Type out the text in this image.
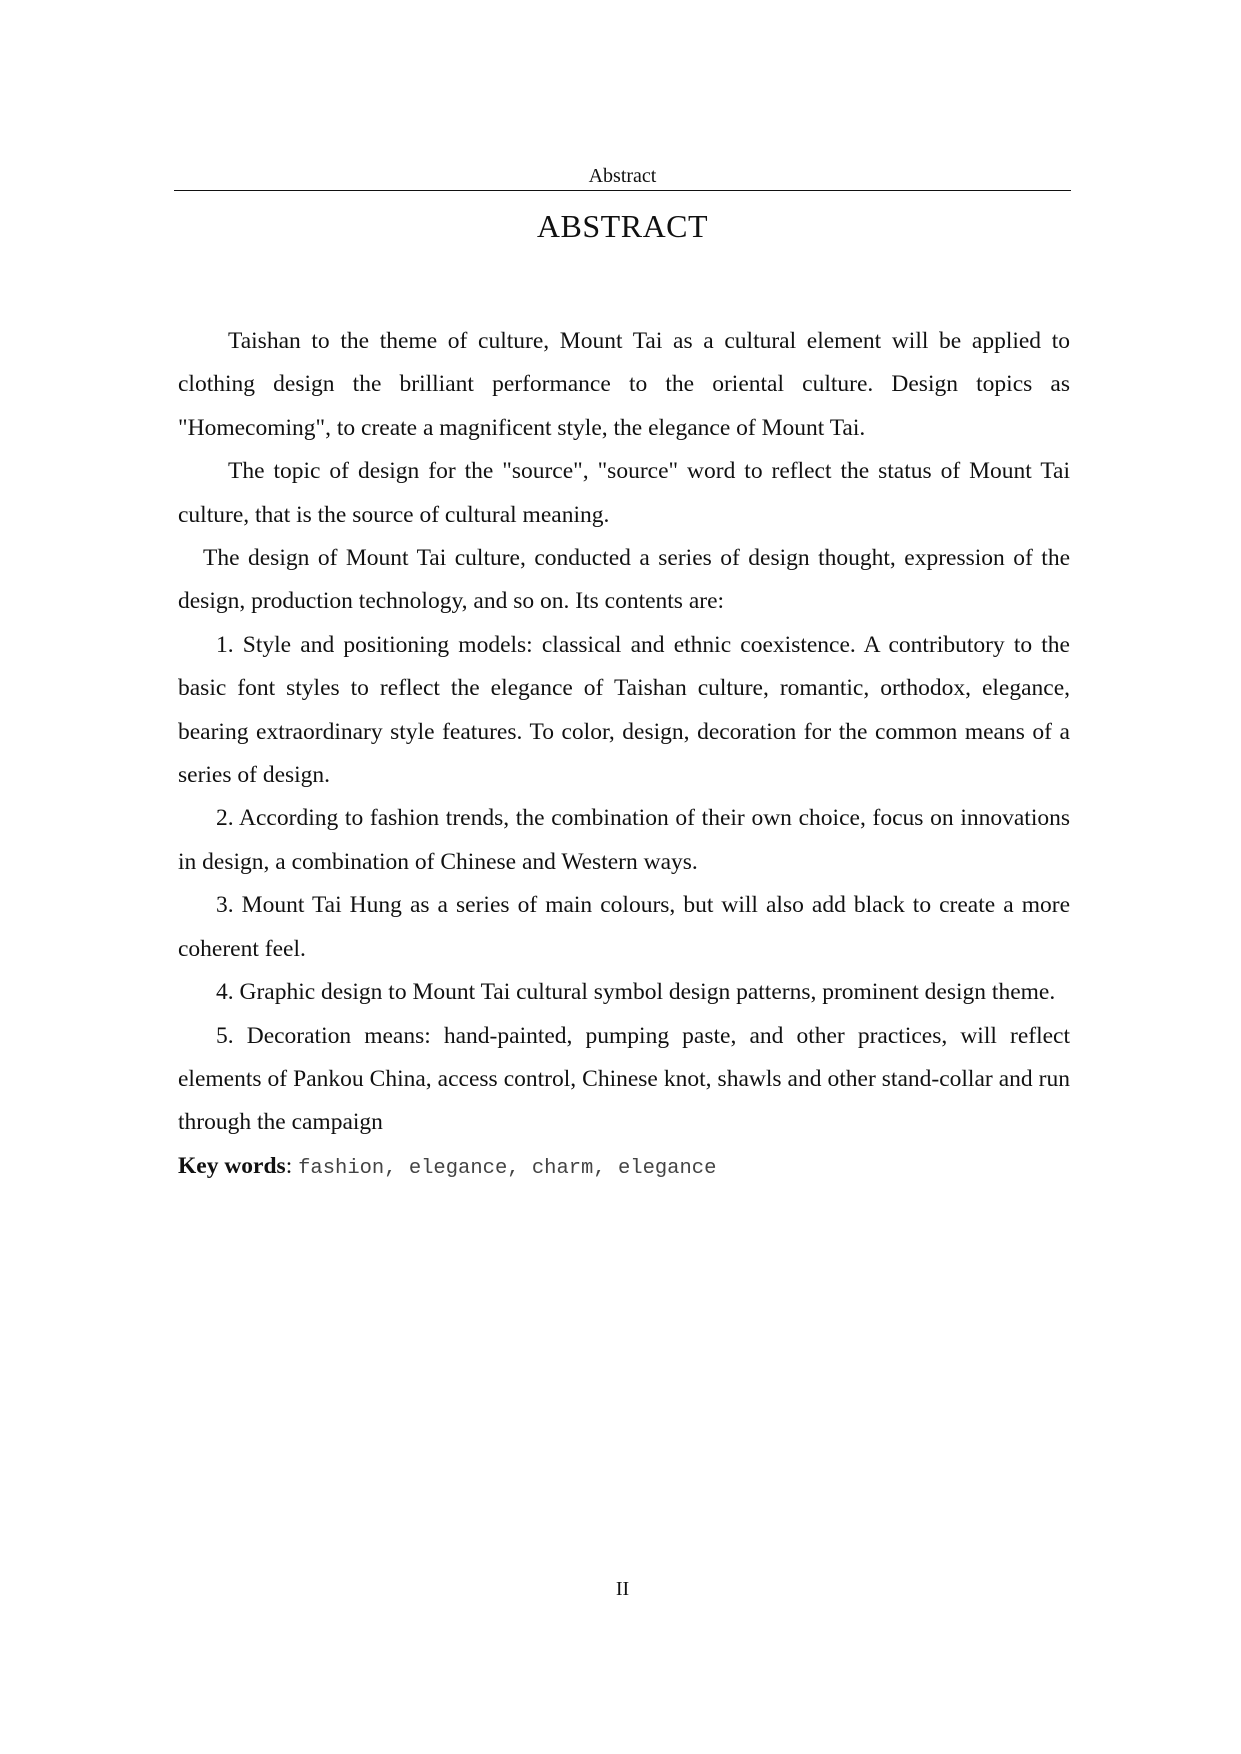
Abstract
ABSTRACT

Taishan to the theme of culture, Mount Tai as a cultural element will be applied to clothing design the brilliant performance to the oriental culture. Design topics as "Homecoming", to create a magnificent style, the elegance of Mount Tai.

The topic of design for the "source", "source" word to reflect the status of Mount Tai culture, that is the source of cultural meaning.

The design of Mount Tai culture, conducted a series of design thought, expression of the design, production technology, and so on. Its contents are:

1. Style and positioning models: classical and ethnic coexistence. A contributory to the basic font styles to reflect the elegance of Taishan culture, romantic, orthodox, elegance, bearing extraordinary style features. To color, design, decoration for the common means of a series of design.

2. According to fashion trends, the combination of their own choice, focus on innovations in design, a combination of Chinese and Western ways.

3. Mount Tai Hung as a series of main colours, but will also add black to create a more coherent feel.

4. Graphic design to Mount Tai cultural symbol design patterns, prominent design theme.

5. Decoration means: hand-painted, pumping paste, and other practices, will reflect elements of Pankou China, access control, Chinese knot, shawls and other stand-collar and run through the campaign

Key words: fashion, elegance, charm, elegance

II
